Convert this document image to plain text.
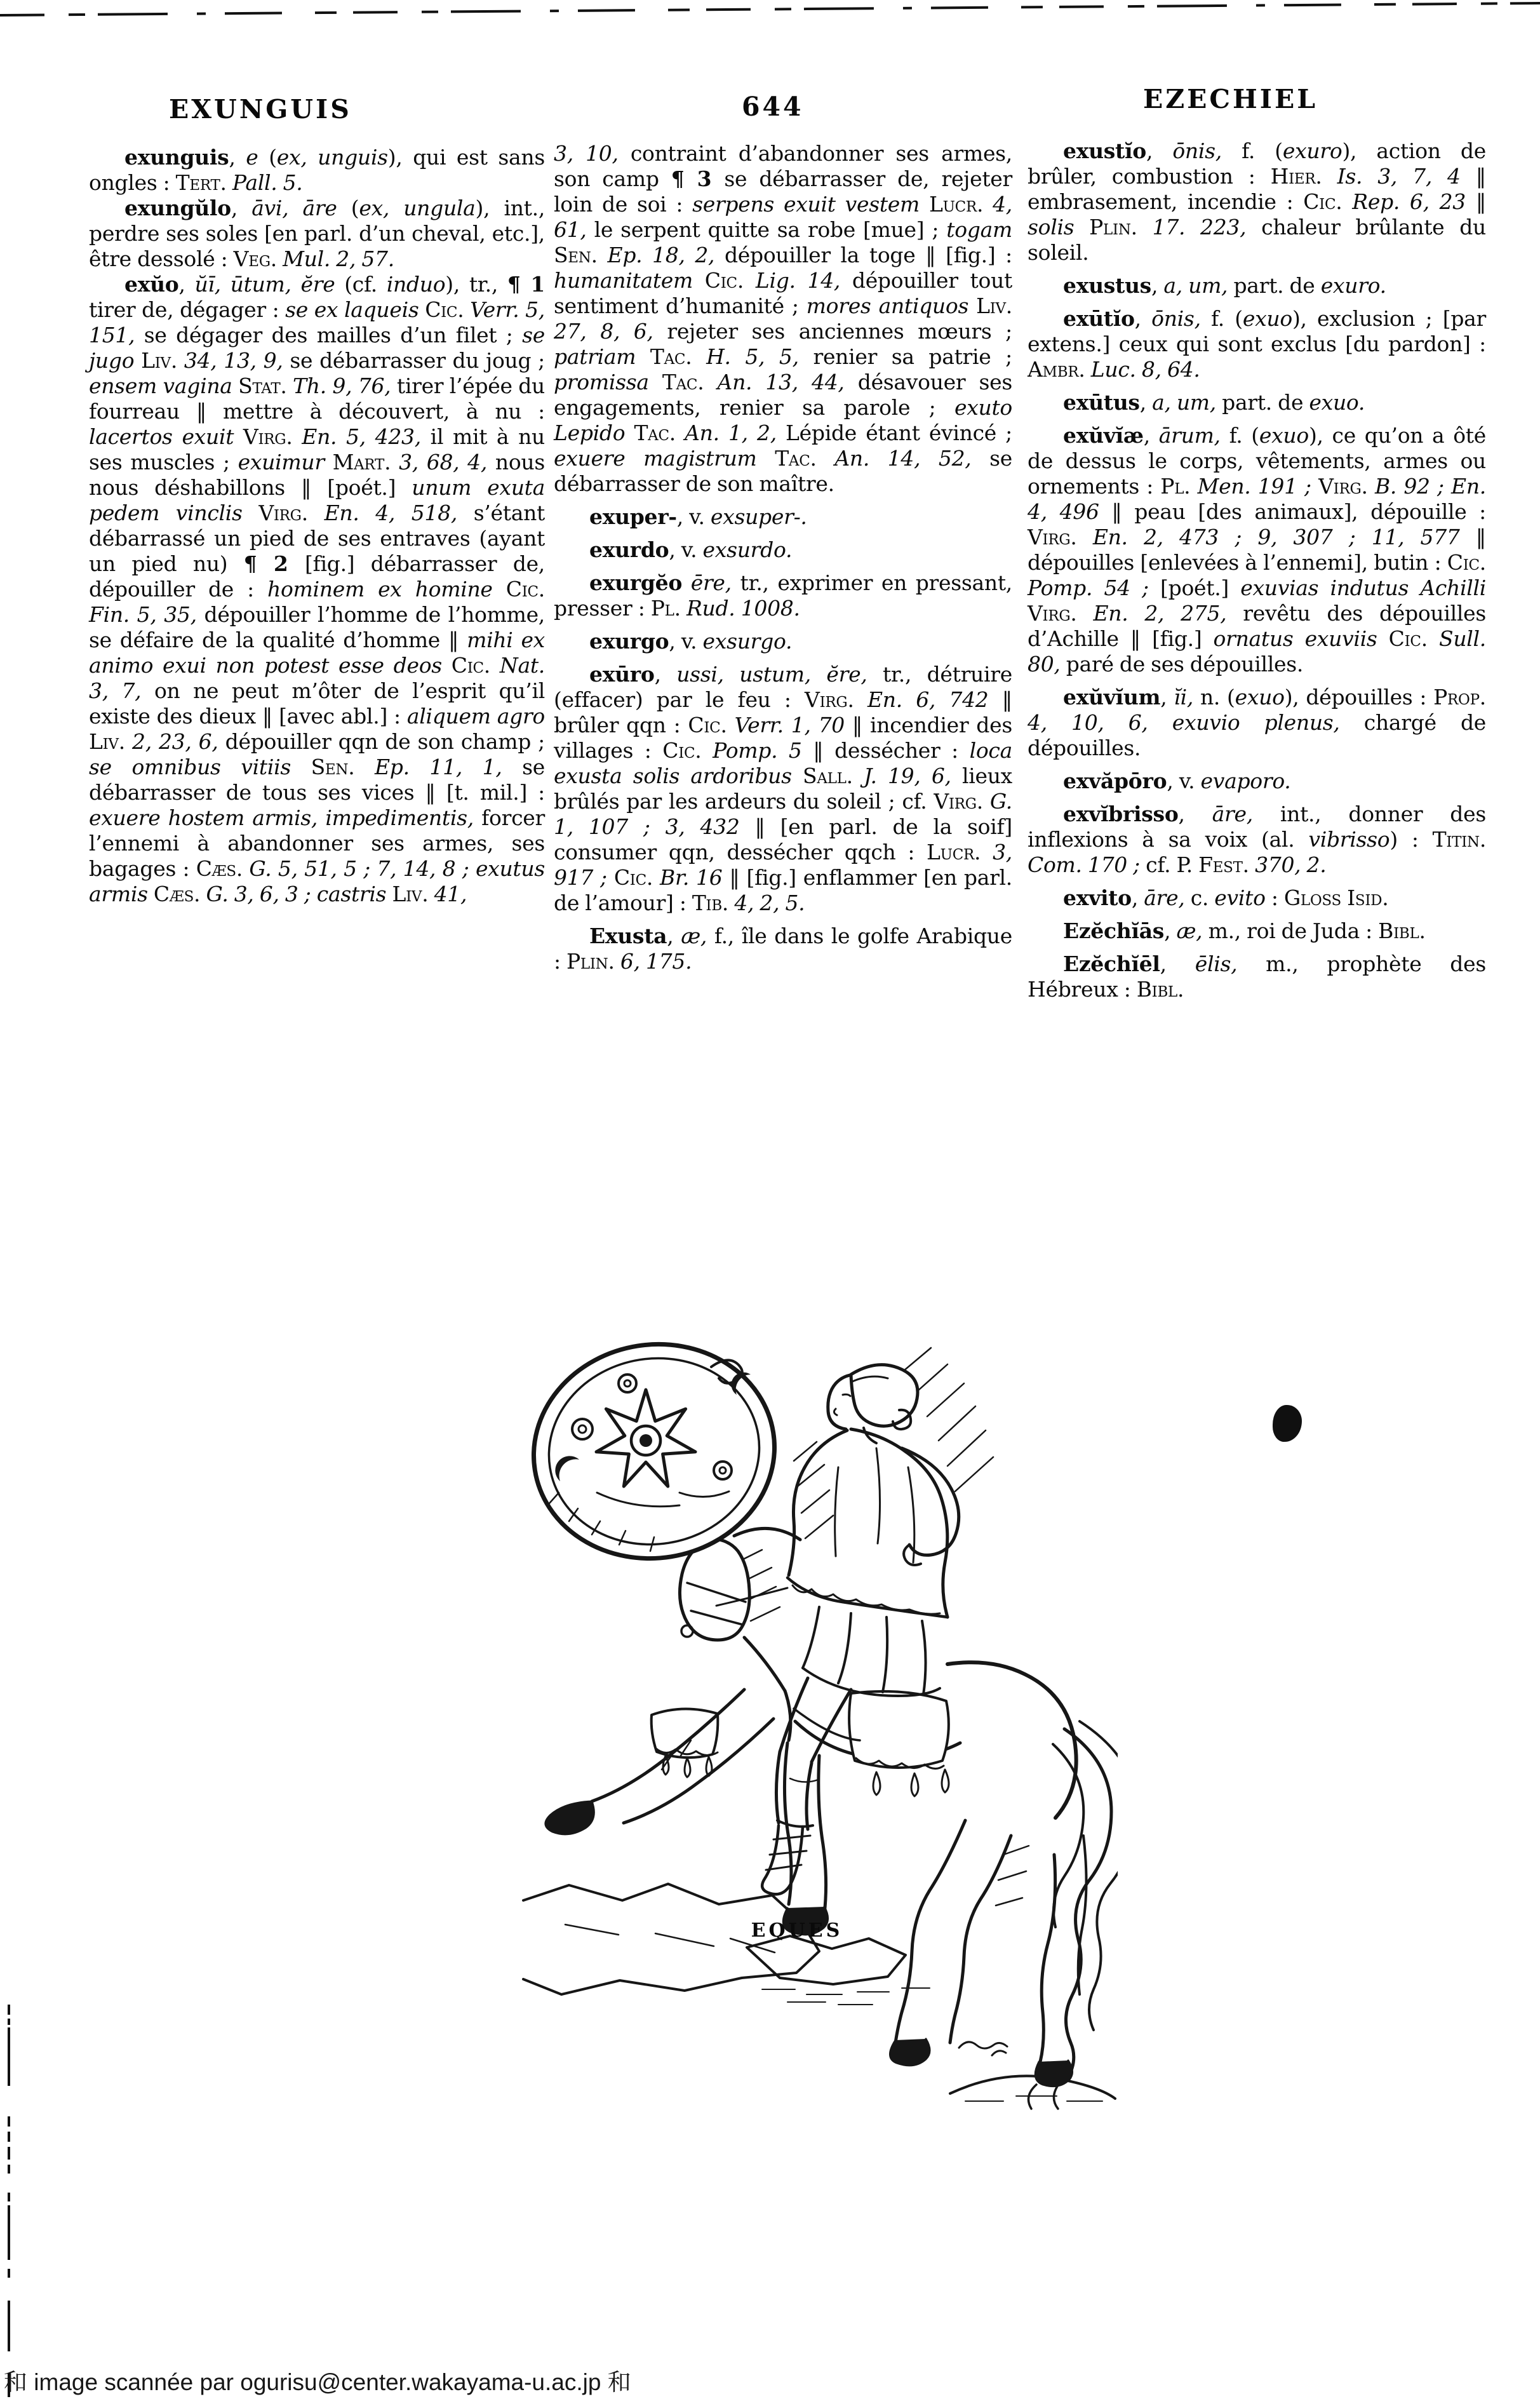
EXUNGUIS	644	EZECHIEL

exunguis, e (ex, unguis), qui est sans ongles : Tert. Pall. 5.

exungŭlo, āvi, āre (ex, ungula), int., perdre ses soles [en parl. d’un cheval, etc.], être dessolé : Veg. Mul. 2, 57.

exŭo, ŭī, ūtum, ĕre (cf. induo), tr., ¶ 1 tirer de, dégager : se ex laqueis Cic. Verr. 5, 151, se dégager des mailles d’un filet ; se jugo Liv. 34, 13, 9, se débarrasser du joug ; ensem vagina Stat. Th. 9, 76, tirer l’épée du fourreau ‖ mettre à découvert, à nu : lacertos exuit Virg. En. 5, 423, il mit à nu ses muscles ; exuimur Mart. 3, 68, 4, nous nous déshabillons ‖ [poét.] unum exuta pedem vinclis Virg. En. 4, 518, s’étant débarrassé un pied de ses entraves (ayant un pied nu) ¶ 2 [fig.] débarrasser de, dépouiller de : hominem ex homine Cic. Fin. 5, 35, dépouiller l’homme de l’homme, se défaire de la qualité d’homme ‖ mihi ex animo exui non potest esse deos Cic. Nat. 3, 7, on ne peut m’ôter de l’esprit qu’il existe des dieux ‖ [avec abl.] : aliquem agro Liv. 2, 23, 6, dépouiller qqn de son champ ; se omnibus vitiis Sen. Ep. 11, 1, se débarrasser de tous ses vices ‖ [t. mil.] : exuere hostem armis, impedimentis, forcer l’ennemi à abandonner ses armes, ses bagages : Cæs. G. 5, 51, 5 ; 7, 14, 8 ; exutus armis Cæs. G. 3, 6, 3 ; castris Liv. 41,

3, 10, contraint d’abandonner ses armes, son camp ¶ 3 se débarrasser de, rejeter loin de soi : serpens exuit vestem Lucr. 4, 61, le serpent quitte sa robe [mue] ; togam Sen. Ep. 18, 2, dépouiller la toge ‖ [fig.] : humanitatem Cic. Lig. 14, dépouiller tout sentiment d’humanité ; mores antiquos Liv. 27, 8, 6, rejeter ses anciennes mœurs ; patriam Tac. H. 5, 5, renier sa patrie ; promissa Tac. An. 13, 44, désavouer ses engagements, renier sa parole ; exuto Lepido Tac. An. 1, 2, Lépide étant évincé ; exuere magistrum Tac. An. 14, 52, se débarrasser de son maître.

exuper-, v. exsuper-.

exurdo, v. exsurdo.

exurgĕo ēre, tr., exprimer en pressant, presser : Pl. Rud. 1008.

exurgo, v. exsurgo.

exūro, ussi, ustum, ĕre, tr., détruire (effacer) par le feu : Virg. En. 6, 742 ‖ brûler qqn : Cic. Verr. 1, 70 ‖ incendier des villages : Cic. Pomp. 5 ‖ dessécher : loca exusta solis ardoribus Sall. J. 19, 6, lieux brûlés par les ardeurs du soleil ; cf. Virg. G. 1, 107 ; 3, 432 ‖ [en parl. de la soif] consumer qqn, dessécher qqch : Lucr. 3, 917 ; Cic. Br. 16 ‖ [fig.] enflammer [en parl. de l’amour] : Tib. 4, 2, 5.

Exusta, æ, f., île dans le golfe Arabique : Plin. 6, 175.

exustĭo, ōnis, f. (exuro), action de brûler, combustion : Hier. Is. 3, 7, 4 ‖ embrasement, incendie : Cic. Rep. 6, 23 ‖ solis Plin. 17. 223, chaleur brûlante du soleil.

exustus, a, um, part. de exuro.

exūtĭo, ōnis, f. (exuo), exclusion ; [par extens.] ceux qui sont exclus [du pardon] : Ambr. Luc. 8, 64.

exūtus, a, um, part. de exuo.

exŭvĭæ, ārum, f. (exuo), ce qu’on a ôté de dessus le corps, vêtements, armes ou ornements : Pl. Men. 191 ; Virg. B. 92 ; En. 4, 496 ‖ peau [des animaux], dépouille : Virg. En. 2, 473 ; 9, 307 ; 11, 577 ‖ dépouilles [enlevées à l’ennemi], butin : Cic. Pomp. 54 ; [poét.] exuvias indutus Achilli Virg. En. 2, 275, revêtu des dépouilles d’Achille ‖ [fig.] ornatus exuviis Cic. Sull. 80, paré de ses dépouilles.

exŭvĭum, ĭi, n. (exuo), dépouilles : Prop. 4, 10, 6, exuvio plenus, chargé de dépouilles.

exvăpōro, v. evaporo.

exvĭbrisso, āre, int., donner des inflexions à sa voix (al. vibrisso) : Titin. Com. 170 ; cf. P. Fest. 370, 2.

exvito, āre, c. evito : Gloss Isid.

Ezĕchĭās, æ, m., roi de Juda : Bibl.

Ezĕchĭēl, ēlis, m., prophète des Hébreux : Bibl.

EQUES
和 image scannée par ogurisu@center.wakayama-u.ac.jp 和
